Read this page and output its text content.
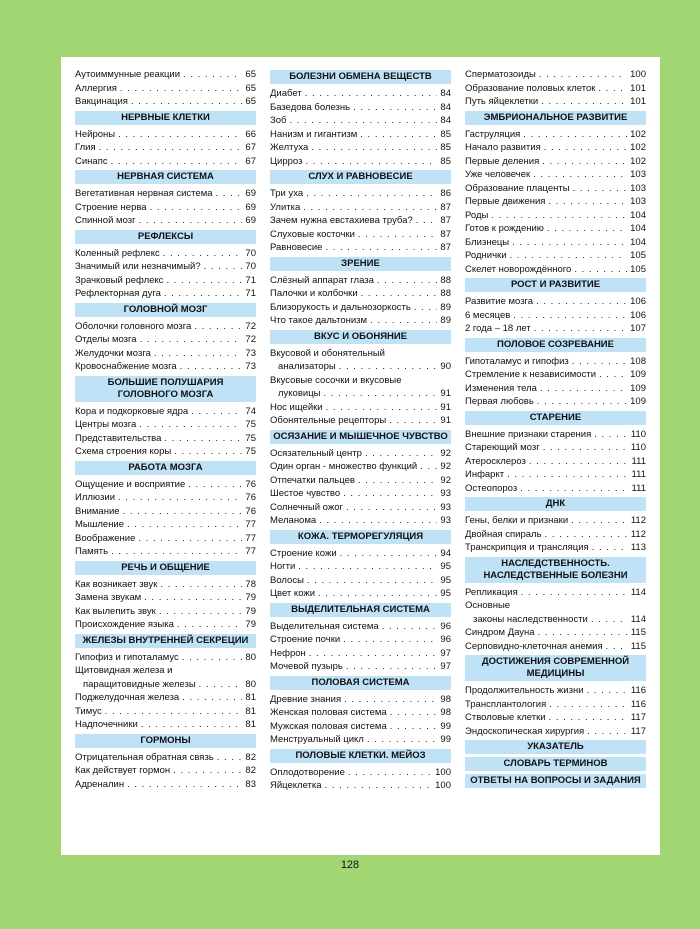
Аутоиммунные реакции . . .	65
Аллергия . . .	65
Вакцинация . . .	65
НЕРВНЫЕ КЛЕТКИ
Нейроны . . .	66
Глия . . .	67
Синапс . . .	67
НЕРВНАЯ СИСТЕМА
Вегетативная нервная система . . .	69
Строение нерва . . .	69
Спинной мозг . . .	69
РЕФЛЕКСЫ
Коленный рефлекс . . .	70
Значимый или незначимый? . . .	70
Зрачковый рефлекс . . .	71
Рефлекторная дуга . . .	71
ГОЛОВНОЙ МОЗГ
Оболочки головного мозга . . .	72
Отделы мозга . . .	72
Желудочки мозга . . .	73
Кровоснабжение мозга . . .	73
БОЛЬШИЕ ПОЛУШАРИЯ ГОЛОВНОГО МОЗГА
Кора и подкорковые ядра . . .	74
Центры мозга . . .	75
Представительства . . .	75
Схема строения коры . . .	75
РАБОТА МОЗГА
Ощущение и восприятие . . .	76
Иллюзии . . .	76
Внимание . . .	76
Мышление . . .	77
Воображение . . .	77
Память . . .	77
РЕЧЬ И ОБЩЕНИЕ
Как возникает звук . . .	78
Замена звукам . . .	79
Как вылепить звук . . .	79
Происхождение языка . . .	79
ЖЕЛЕЗЫ ВНУТРЕННЕЙ СЕКРЕЦИИ
Гипофиз и гипоталамус . . .	80
Щитовидная железа и
паращитовидные железы . . .	80
Поджелудочная железа . . .	81
Тимус . . .	81
Надпочечники . . .	81
ГОРМОНЫ
Отрицательная обратная связь . . .	82
Как действует гормон . . .	82
Адреналин . . .	83
БОЛЕЗНИ ОБМЕНА ВЕЩЕСТВ
Диабет . . .	84
Базедова болезнь . . .	84
Зоб . . .	84
Нанизм и гигантизм . . .	85
Желтуха . . .	85
Цирроз . . .	85
СЛУХ И РАВНОВЕСИЕ
Три уха . . .	86
Улитка . . .	87
Зачем нужна евстахиева труба? . . .	87
Слуховые косточки . . .	87
Равновесие . . .	87
ЗРЕНИЕ
Слёзный аппарат глаза . . .	88
Палочки и колбочки . . .	88
Близорукость и дальнозоркость . . .	89
Что такое дальтонизм . . .	89
ВКУС И ОБОНЯНИЕ
Вкусовой и обонятельный
анализаторы . . .	90
Вкусовые сосочки и вкусовые
луковицы . . .	91
Нос ищейки . . .	91
Обонятельные рецепторы . . .	91
ОСЯЗАНИЕ И МЫШЕЧНОЕ ЧУВСТВО
Осязательный центр . . .	92
Один орган - множество функций . . . 92
Отпечатки пальцев . . .	92
Шестое чувство . . .	93
Солнечный ожог . . .	93
Меланома . . .	93
КОЖА. ТЕРМОРЕГУЛЯЦИЯ
Строение кожи . . .	94
Ногти . . .	95
Волосы . . .	95
Цвет кожи . . .	95
ВЫДЕЛИТЕЛЬНАЯ СИСТЕМА
Выделительная система . . .	96
Строение почки . . .	96
Нефрон . . .	97
Мочевой пузырь . . .	97
ПОЛОВАЯ СИСТЕМА
Древние знания . . .	98
Женская половая система . . .	98
Мужская половая система . . .	99
Менструальный цикл . . .	99
ПОЛОВЫЕ КЛЕТКИ. МЕЙОЗ
Оплодотворение . . .	100
Яйцеклетка . . .	100
Сперматозоиды . . .	100
Образование половых клеток . . .	101
Путь яйцеклетки . . .	101
ЭМБРИОНАЛЬНОЕ РАЗВИТИЕ
Гаструляция . . .	102
Начало развития . . .	102
Первые деления . . .	102
Уже человечек . . .	103
Образование плаценты . . .	103
Первые движения . . .	103
Роды . . .	104
Готов к рождению . . .	104
Близнецы . . .	104
Роднички . . .	105
Скелет новорождённого . . .	105
РОСТ И РАЗВИТИЕ
Развитие мозга . . .	106
6 месяцев . . .	106
2 года – 18 лет . . .	107
ПОЛОВОЕ СОЗРЕВАНИЕ
Гипоталамус и гипофиз . . .	108
Стремление к независимости . . .	109
Изменения тела . . .	109
Первая любовь . . .	109
СТАРЕНИЕ
Внешние признаки старения . . .	110
Стареющий мозг . . .	110
Атеросклероз . . .	111
Инфаркт . . .	111
Остеопороз . . .	111
ДНК
Гены, белки и признаки . . .	112
Двойная спираль . . .	112
Транскрипция и трансляция . . .	113
НАСЛЕДСТВЕННОСТЬ. НАСЛЕДСТВЕННЫЕ БОЛЕЗНИ
Репликация . . .	114
Основные
законы наследственности . . .	114
Синдром Дауна . . .	115
Серповидно-клеточная анемия . . .	115
ДОСТИЖЕНИЯ СОВРЕМЕННОЙ МЕДИЦИНЫ
Продолжительность жизни . . .	116
Трансплантология . . .	116
Стволовые клетки . . .	117
Эндоскопическая хирургия . . .	117
УКАЗАТЕЛЬ
СЛОВАРЬ ТЕРМИНОВ
ОТВЕТЫ НА ВОПРОСЫ И ЗАДАНИЯ
128
